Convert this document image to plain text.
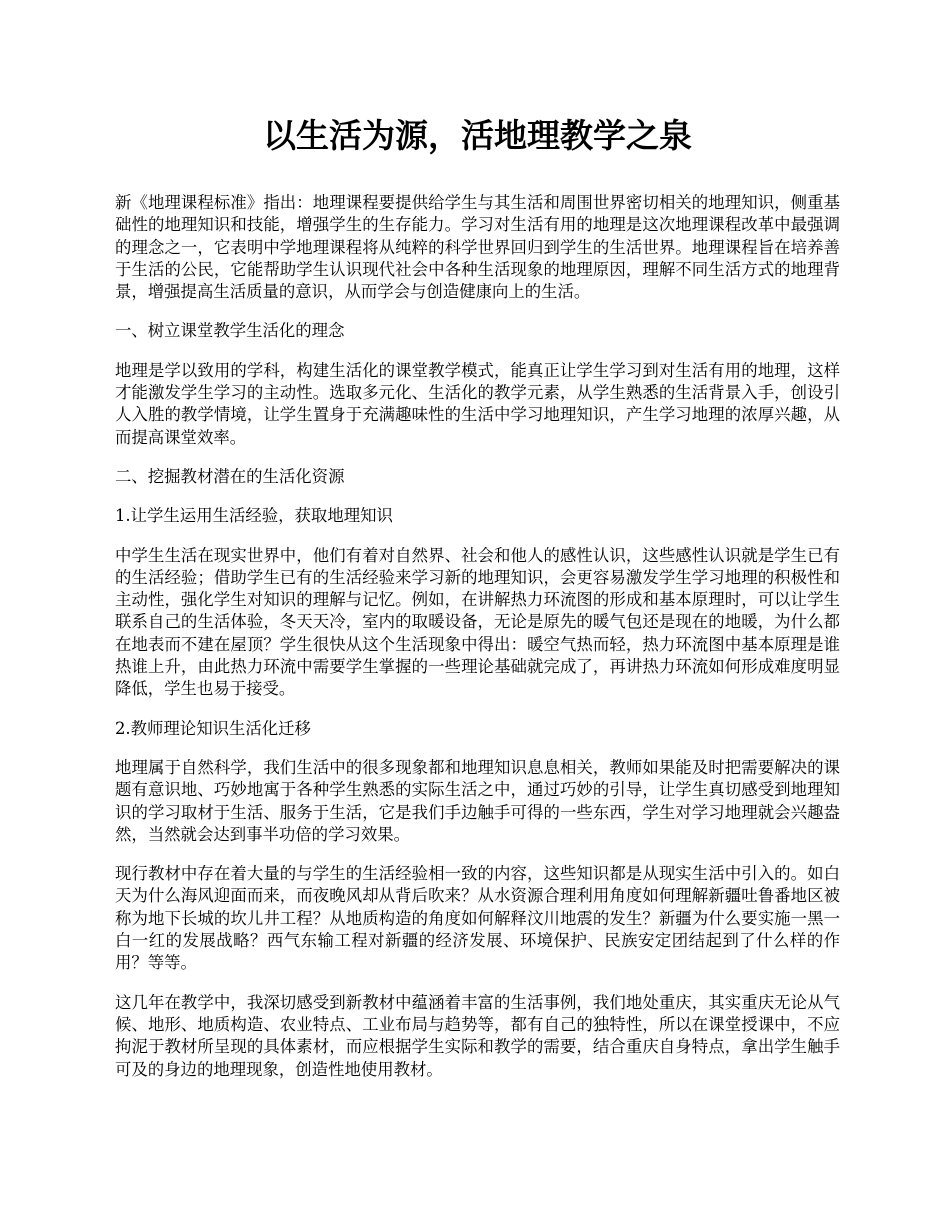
以生活为源，活地理教学之泉

新《地理课程标准》指出：地理课程要提供给学生与其生活和周围世界密切相关的地理知识，侧重基础性的地理知识和技能，增强学生的生存能力。学习对生活有用的地理是这次地理课程改革中最强调的理念之一，它表明中学地理课程将从纯粹的科学世界回归到学生的生活世界。地理课程旨在培养善于生活的公民，它能帮助学生认识现代社会中各种生活现象的地理原因，理解不同生活方式的地理背景，增强提高生活质量的意识，从而学会与创造健康向上的生活。

一、树立课堂教学生活化的理念

地理是学以致用的学科，构建生活化的课堂教学模式，能真正让学生学习到对生活有用的地理，这样才能激发学生学习的主动性。选取多元化、生活化的教学元素，从学生熟悉的生活背景入手，创设引人入胜的教学情境，让学生置身于充满趣味性的生活中学习地理知识，产生学习地理的浓厚兴趣，从而提高课堂效率。

二、挖掘教材潜在的生活化资源

1.让学生运用生活经验，获取地理知识

中学生生活在现实世界中，他们有着对自然界、社会和他人的感性认识，这些感性认识就是学生已有的生活经验；借助学生已有的生活经验来学习新的地理知识，会更容易激发学生学习地理的积极性和主动性，强化学生对知识的理解与记忆。例如，在讲解热力环流图的形成和基本原理时，可以让学生联系自己的生活体验，冬天天冷，室内的取暖设备，无论是原先的暖气包还是现在的地暖，为什么都在地表而不建在屋顶？学生很快从这个生活现象中得出：暖空气热而轻，热力环流图中基本原理是谁热谁上升，由此热力环流中需要学生掌握的一些理论基础就完成了，再讲热力环流如何形成难度明显降低，学生也易于接受。

2.教师理论知识生活化迁移

地理属于自然科学，我们生活中的很多现象都和地理知识息息相关，教师如果能及时把需要解决的课题有意识地、巧妙地寓于各种学生熟悉的实际生活之中，通过巧妙的引导，让学生真切感受到地理知识的学习取材于生活、服务于生活，它是我们手边触手可得的一些东西，学生对学习地理就会兴趣盎然，当然就会达到事半功倍的学习效果。

现行教材中存在着大量的与学生的生活经验相一致的内容，这些知识都是从现实生活中引入的。如白天为什么海风迎面而来，而夜晚风却从背后吹来？从水资源合理利用角度如何理解新疆吐鲁番地区被称为地下长城的坎儿井工程？从地质构造的角度如何解释汶川地震的发生？新疆为什么要实施一黑一白一红的发展战略？西气东输工程对新疆的经济发展、环境保护、民族安定团结起到了什么样的作用？等等。

这几年在教学中，我深切感受到新教材中蕴涵着丰富的生活事例，我们地处重庆，其实重庆无论从气候、地形、地质构造、农业特点、工业布局与趋势等，都有自己的独特性，所以在课堂授课中，不应拘泥于教材所呈现的具体素材，而应根据学生实际和教学的需要，结合重庆自身特点，拿出学生触手可及的身边的地理现象，创造性地使用教材。
